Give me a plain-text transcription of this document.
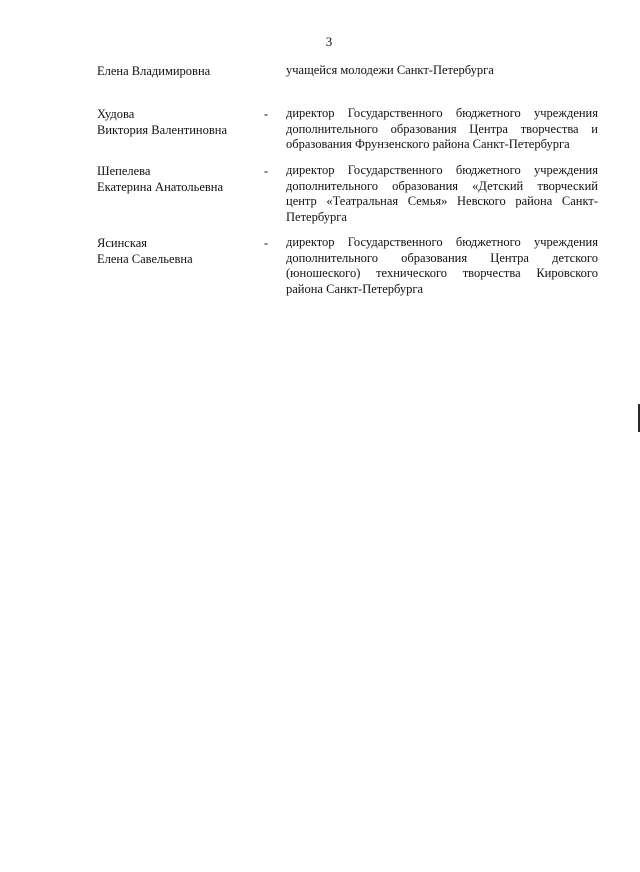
3
Елена Владимировна	учащейся молодежи Санкт-Петербурга
Худова
Виктория Валентиновна
- директор Государственного бюджетного учреждения дополнительного образования Центра творчества и образования Фрунзенского района Санкт-Петербурга
Шепелева
Екатерина Анатольевна
- директор Государственного бюджетного учреждения дополнительного образования «Детский творческий центр «Театральная Семья» Невского района Санкт-Петербурга
Ясинская
Елена Савельевна
- директор Государственного бюджетного учреждения дополнительного образования Центра детского (юношеского) технического творчества Кировского района Санкт-Петербурга
